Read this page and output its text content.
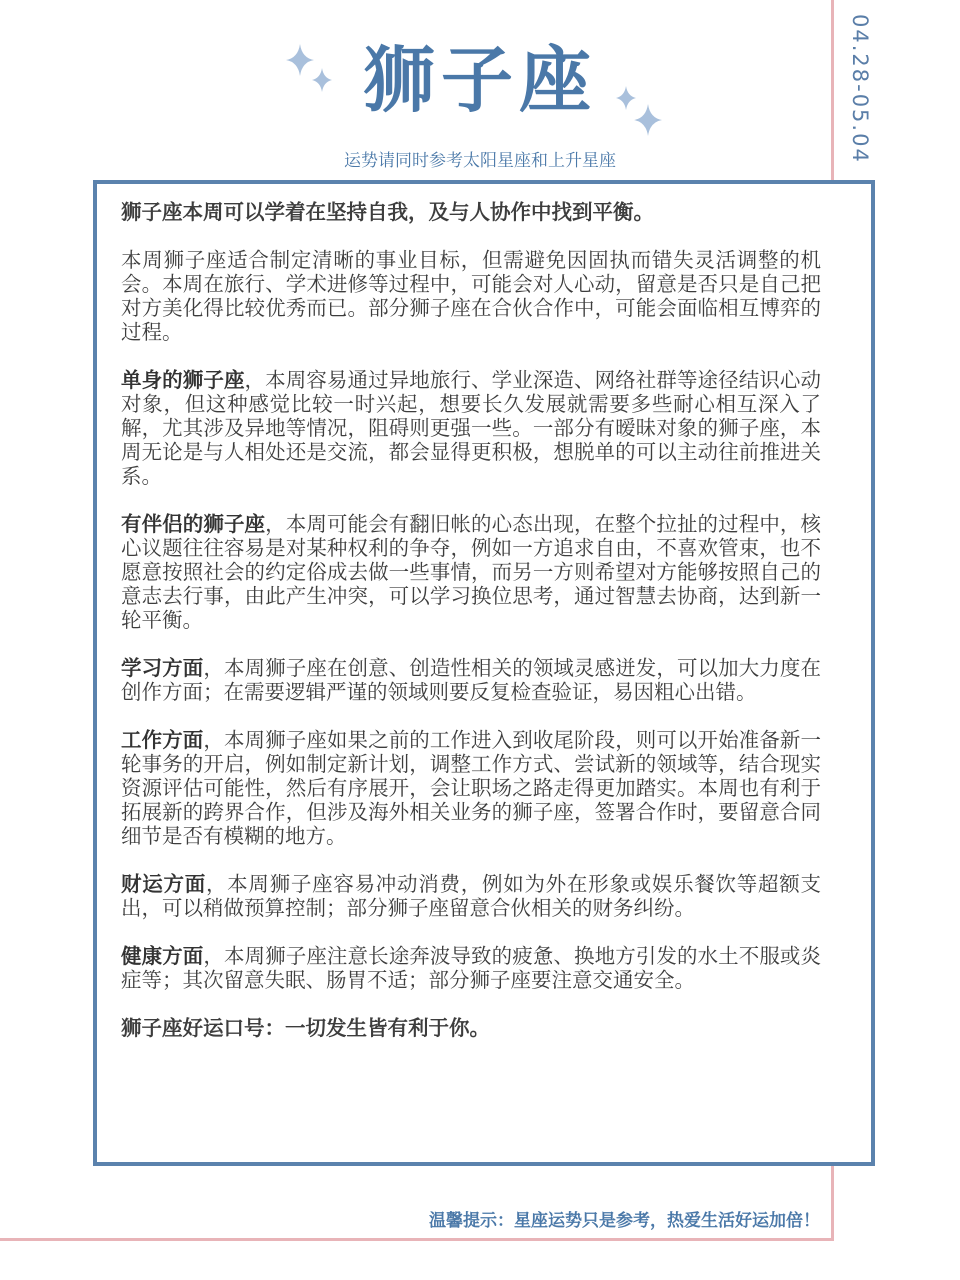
04.28-05.04
狮子座
运势请同时参考太阳星座和上升星座

狮子座本周可以学着在坚持自我，及与人协作中找到平衡。

本周狮子座适合制定清晰的事业目标，但需避免因固执而错失灵活调整的机会。本周在旅行、学术进修等过程中，可能会对人心动，留意是否只是自己把对方美化得比较优秀而已。部分狮子座在合伙合作中，可能会面临相互博弈的过程。

单身的狮子座，本周容易通过异地旅行、学业深造、网络社群等途径结识心动对象，但这种感觉比较一时兴起，想要长久发展就需要多些耐心相互深入了解，尤其涉及异地等情况，阻碍则更强一些。一部分有暧昧对象的狮子座，本周无论是与人相处还是交流，都会显得更积极，想脱单的可以主动往前推进关系。

有伴侣的狮子座，本周可能会有翻旧帐的心态出现，在整个拉扯的过程中，核心议题往往容易是对某种权利的争夺，例如一方追求自由，不喜欢管束，也不愿意按照社会的约定俗成去做一些事情，而另一方则希望对方能够按照自己的意志去行事，由此产生冲突，可以学习换位思考，通过智慧去协商，达到新一轮平衡。

学习方面，本周狮子座在创意、创造性相关的领域灵感迸发，可以加大力度在创作方面；在需要逻辑严谨的领域则要反复检查验证，易因粗心出错。

工作方面，本周狮子座如果之前的工作进入到收尾阶段，则可以开始准备新一轮事务的开启，例如制定新计划，调整工作方式、尝试新的领域等，结合现实资源评估可能性，然后有序展开，会让职场之路走得更加踏实。本周也有利于拓展新的跨界合作，但涉及海外相关业务的狮子座，签署合作时，要留意合同细节是否有模糊的地方。

财运方面，本周狮子座容易冲动消费，例如为外在形象或娱乐餐饮等超额支出，可以稍做预算控制；部分狮子座留意合伙相关的财务纠纷。

健康方面，本周狮子座注意长途奔波导致的疲惫、换地方引发的水土不服或炎症等；其次留意失眠、肠胃不适；部分狮子座要注意交通安全。

狮子座好运口号：一切发生皆有利于你。

温馨提示：星座运势只是参考，热爱生活好运加倍！
